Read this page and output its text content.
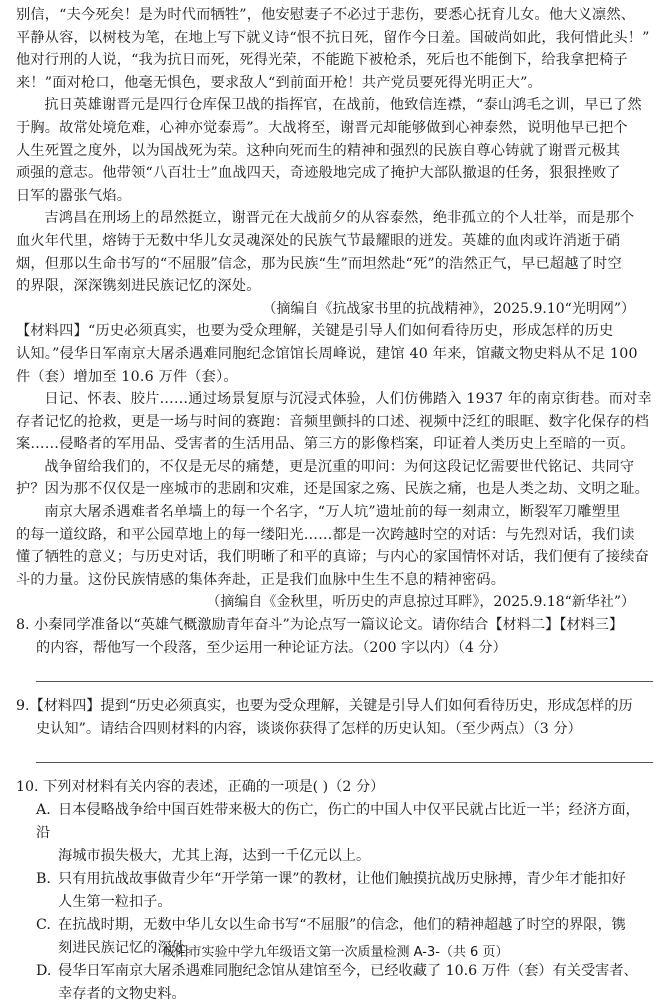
别信，“夫今死矣！是为时代而牺牲”，他安慰妻子不必过于悲伤，要悉心抚育儿女。他大义凛然、

平静从容，以树枝为笔，在地上写下就义诗“恨不抗日死，留作今日羞。国破尚如此，我何惜此头！”

他对行刑的人说，“我为抗日而死，死得光荣，不能跪下被枪杀，死后也不能倒下，给我拿把椅子

来！”面对枪口，他毫无惧色，要求敌人“到前面开枪！共产党员要死得光明正大”。

抗日英雄谢晋元是四行仓库保卫战的指挥官，在战前，他致信连襟，“泰山鸿毛之训，早已了然

于胸。故常处境危难，心神亦觉泰焉”。大战将至，谢晋元却能够做到心神泰然，说明他早已把个

人生死置之度外，以为国战死为荣。这种向死而生的精神和强烈的民族自尊心铸就了谢晋元极其

顽强的意志。他带领“八百壮士”血战四天，奇迹般地完成了掩护大部队撤退的任务，狠狠挫败了

日军的嚣张气焰。

吉鸿昌在刑场上的昂然挺立，谢晋元在大战前夕的从容泰然，绝非孤立的个人壮举，而是那个

血火年代里，熔铸于无数中华儿女灵魂深处的民族气节最耀眼的迸发。英雄的血肉或许消逝于硝

烟，但那以生命书写的“不屈服”信念，那为民族“生”而坦然赴“死”的浩然正气，早已超越了时空

的界限，深深镌刻进民族记忆的深处。

（摘编自《抗战家书里的抗战精神》，2025.9.10“光明网”）

【材料四】“历史必须真实，也要为受众理解，关键是引导人们如何看待历史，形成怎样的历史

认知。”侵华日军南京大屠杀遇难同胞纪念馆馆长周峰说，建馆 40 年来，馆藏文物史料从不足 100

件（套）增加至 10.6 万件（套）。

日记、怀表、胶片……通过场景复原与沉浸式体验，人们仿佛踏入 1937 年的南京街巷。而对幸

存者记忆的抢救，更是一场与时间的赛跑：音频里颤抖的口述、视频中泛红的眼眶、数字化保存的档

案……侵略者的军用品、受害者的生活用品、第三方的影像档案，印证着人类历史上至暗的一页。

战争留给我们的，不仅是无尽的痛楚，更是沉重的叩问：为何这段记忆需要世代铭记、共同守

护？因为那不仅仅是一座城市的悲剧和灾难，还是国家之殇、民族之痛，也是人类之劫、文明之耻。

南京大屠杀遇难者名单墙上的每一个名字，“万人坑”遗址前的每一刻肃立，断裂军刀雕塑里

的每一道纹路，和平公园草地上的每一缕阳光……都是一次跨越时空的对话：与先烈对话，我们读

懂了牺牲的意义；与历史对话，我们明晰了和平的真谛；与内心的家国情怀对话，我们便有了接续奋

斗的力量。这份民族情感的集体奔赴，正是我们血脉中生生不息的精神密码。

（摘编自《金秋里，听历史的声息掠过耳畔》，2025.9.18“新华社”）

8. 小秦同学准备以“英雄气概激励青年奋斗”为论点写一篇议论文。请你结合【材料二】【材料三】

的内容，帮他写一个段落，至少运用一种论证方法。（200 字以内）（4 分）

9.【材料四】提到“历史必须真实，也要为受众理解，关键是引导人们如何看待历史，形成怎样的历

史认知”。请结合四则材料的内容，谈谈你获得了怎样的历史认知。（至少两点）（3 分）

10. 下列对材料有关内容的表述，正确的一项是( )（2 分）

A. 日本侵略战争给中国百姓带来极大的伤亡，伤亡的中国人中仅平民就占比近一半；经济方面，沿

海城市损失极大，尤其上海，达到一千亿元以上。

B. 只有用抗战故事做青少年“开学第一课”的教材，让他们触摸抗战历史脉搏，青少年才能扣好

人生第一粒扣子。

C. 在抗战时期，无数中华儿女以生命书写“不屈服”的信念，他们的精神超越了时空的界限，镌

刻进民族记忆的深处。

D. 侵华日军南京大屠杀遇难同胞纪念馆从建馆至今，已经收藏了 10.6 万件（套）有关受害者、

幸存者的文物史料。

咸阳市实验中学九年级语文第一次质量检测 A-3-（共 6 页）
